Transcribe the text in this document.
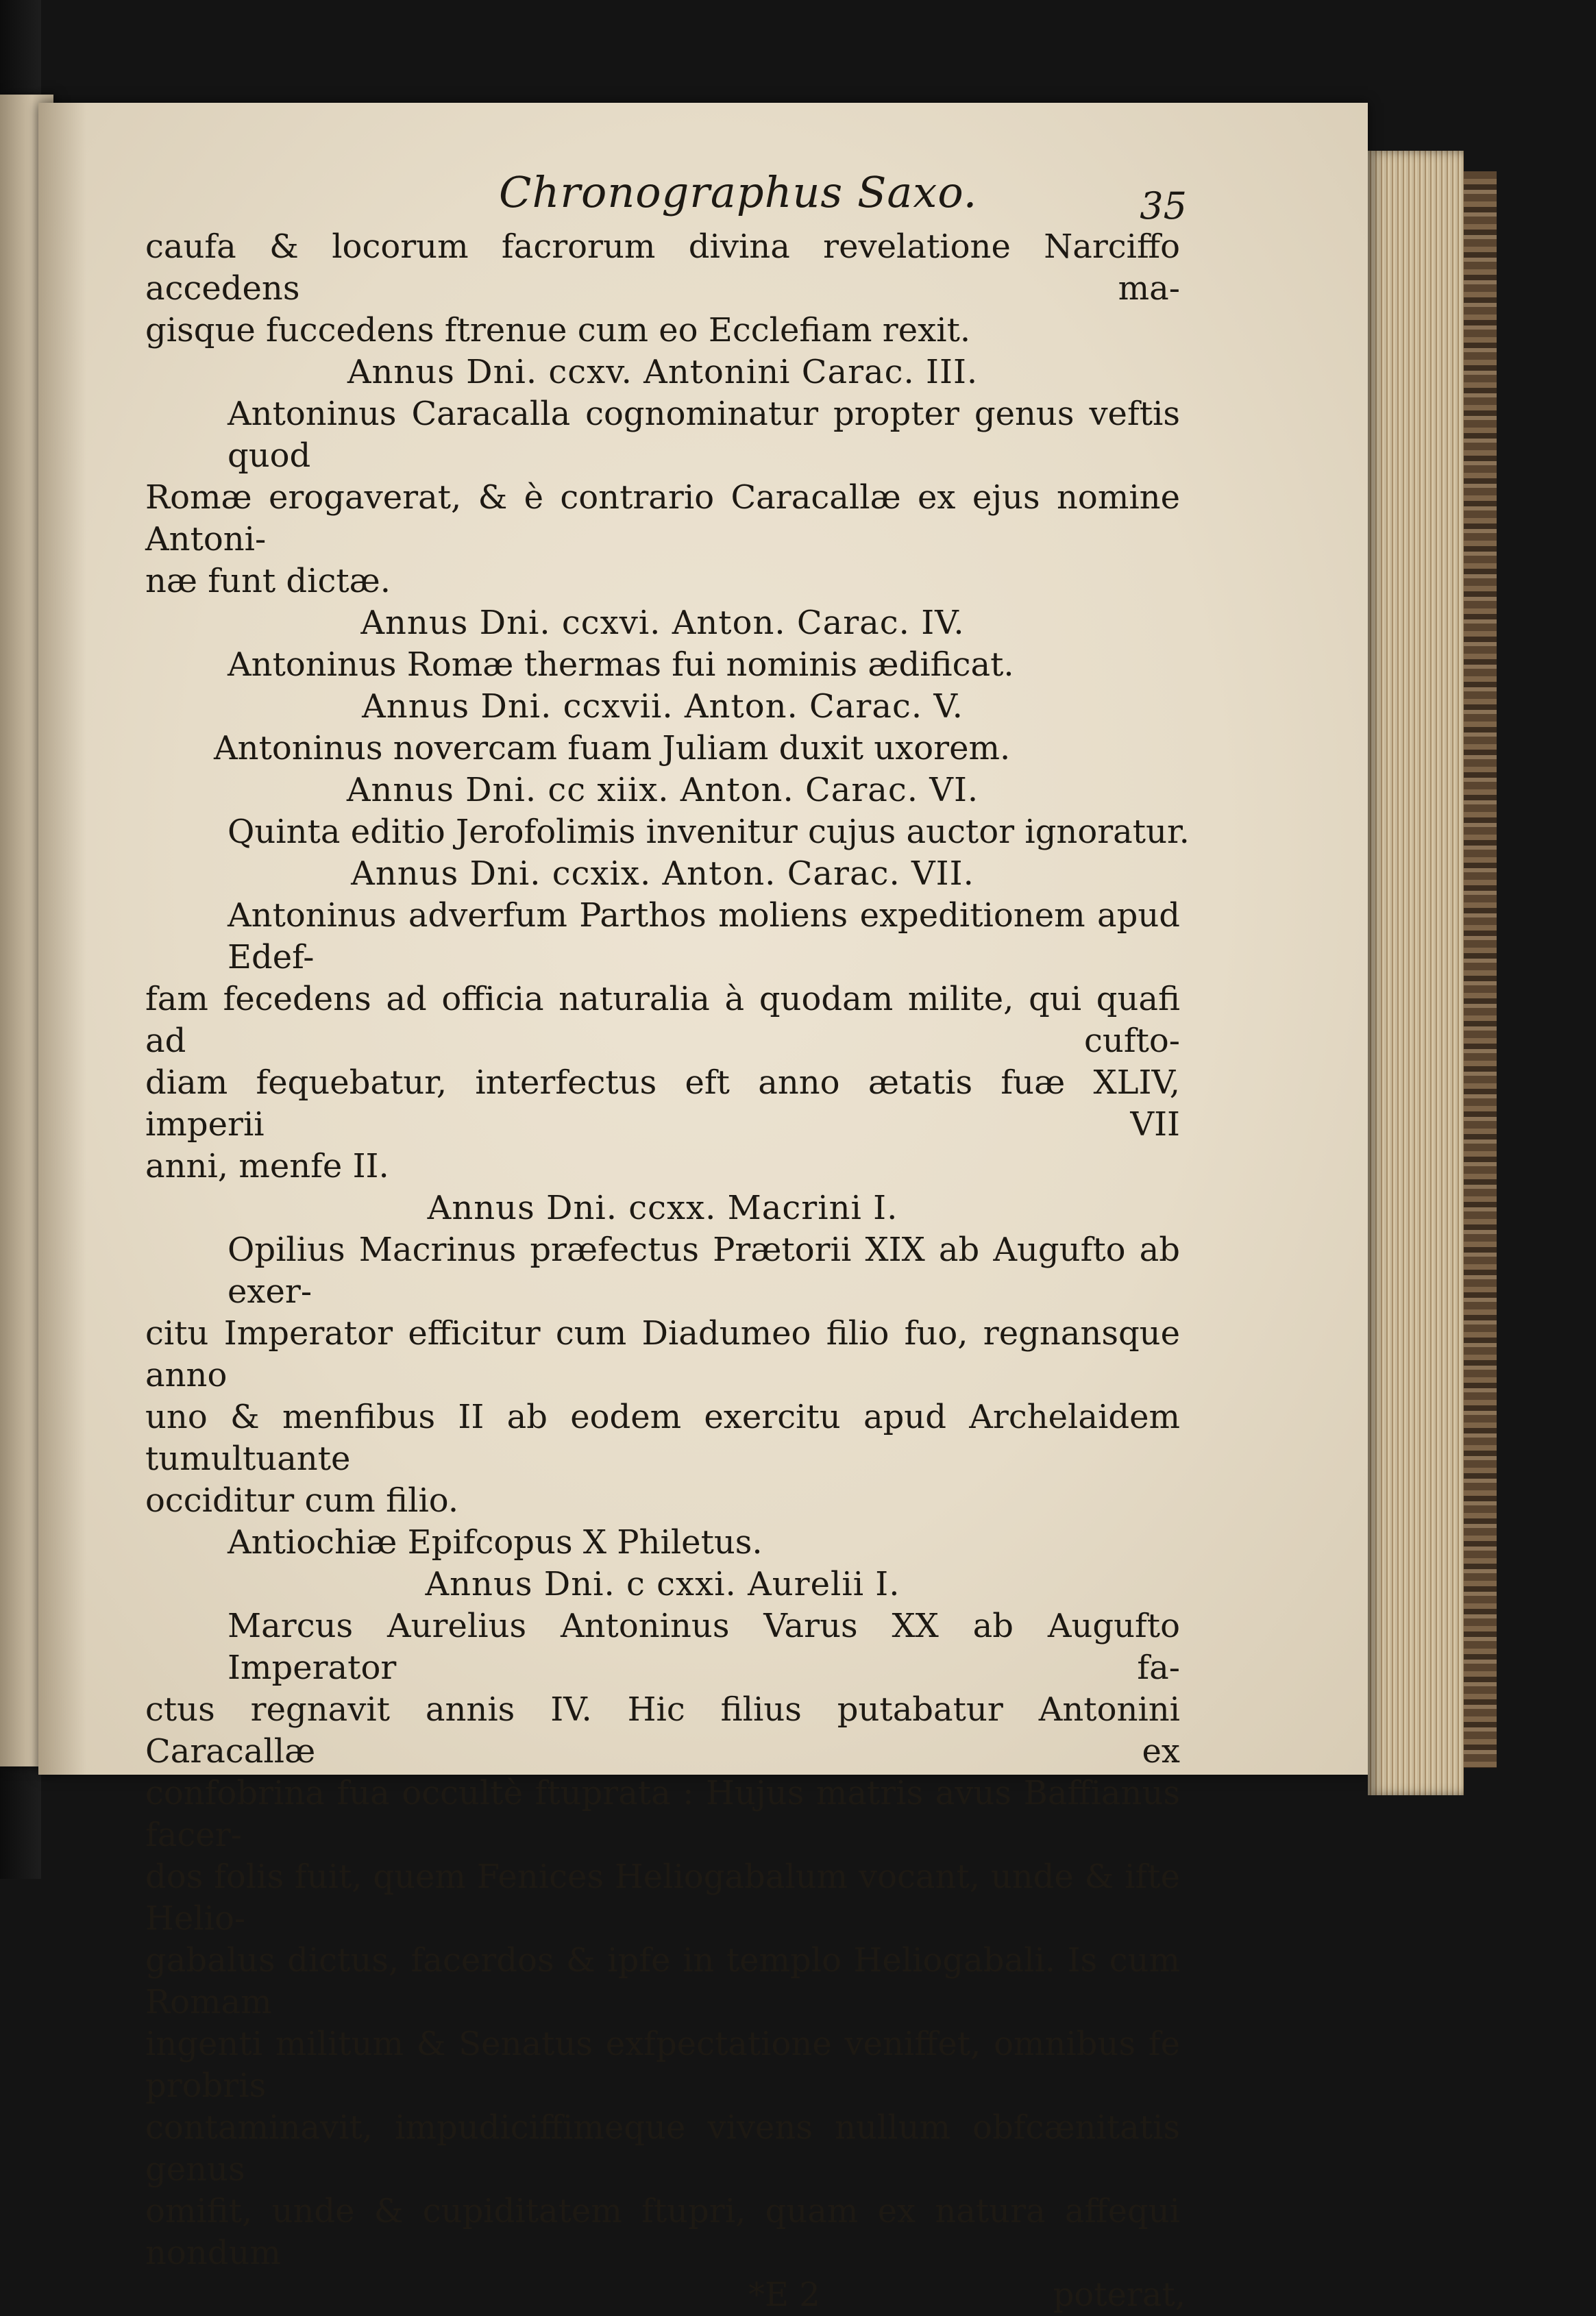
Chronographus Saxo.	35
caufa & locorum facrorum divina revelatione Narciffo accedens ma-
gisque fuccedens ftrenue cum eo Ecclefiam rexit.
Annus Dni. ccxv. Antonini Carac. III.
Antoninus Caracalla cognominatur propter genus veftis quod
Romæ erogaverat, & è contrario Caracallæ ex ejus nomine Antoni-
næ funt dictæ.
Annus Dni. ccxvi. Anton. Carac. IV.
Antoninus Romæ thermas fui nominis ædificat.
Annus Dni. ccxvii. Anton. Carac. V.
Antoninus novercam fuam Juliam duxit uxorem.
Annus Dni. cc xiix. Anton. Carac. VI.
Quinta editio Jerofolimis invenitur cujus auctor ignoratur.
Annus Dni. ccxix. Anton. Carac. VII.
Antoninus adverfum Parthos moliens expeditionem apud Edef-
fam fecedens ad officia naturalia à quodam milite, qui quafi ad cufto-
diam fequebatur, interfectus eft anno ætatis fuæ XLIV, imperii VII
anni, menfe II.
Annus Dni. ccxx. Macrini I.
Opilius Macrinus præfectus Prætorii XIX ab Augufto ab exer-
citu Imperator efficitur cum Diadumeo filio fuo, regnansque anno
uno & menfibus II ab eodem exercitu apud Archelaidem tumultuante
occiditur cum filio.
Antiochiæ Epifcopus X Philetus.
Annus Dni. c cxxi. Aurelii I.
Marcus Aurelius Antoninus Varus XX ab Augufto Imperator fa-
ctus regnavit annis IV. Hic filius putabatur Antonini Caracallæ ex
confobrina fua occultè ftuprata : Hujus matris avus Baffianus facer-
dos folis fuit, quem Fenices Heliogabalum vocant, unde & ifte Helio-
gabalus dictus, facerdos & ipfe in templo Heliogabali. Is cum Romam
ingenti militum & Senatus exfpectatione veniffet, omnibus fe probris
contaminavit, impudiciffimeque vivens nullum obfcænitatis genus
omifit, unde & cupiditatem ftupri, quam ex natura affequi nondum
*E 2	poterat,
